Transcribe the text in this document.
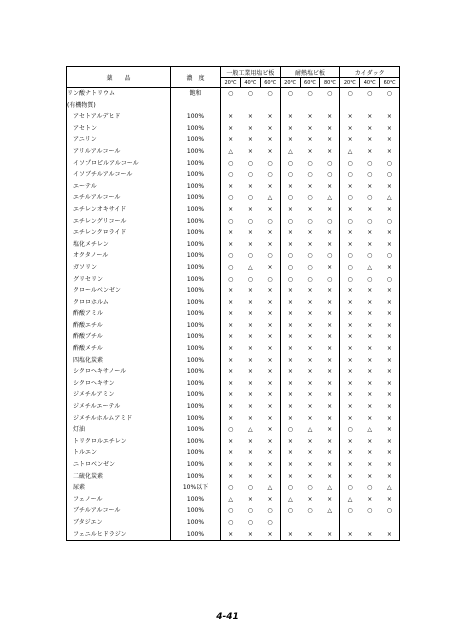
薬　　品	濃　度	一般工業用塩ビ板			耐熱塩ビ板			カイダック		
		20℃	40℃	60℃	20℃	60℃	80℃	20℃	40℃	60℃
リン酸ナトリウム	飽和	○	○	○	○	○	○	○	○	○
(有機物質)										
アセトアルデヒド	100%	×	×	×	×	×	×	×	×	×
アセトン	100%	×	×	×	×	×	×	×	×	×
アニリン	100%	×	×	×	×	×	×	×	×	×
アリルアルコール	100%	△	×	×	△	×	×	△	×	×
イソプロピルアルコール	100%	○	○	○	○	○	○	○	○	○
イソブチルアルコール	100%	○	○	○	○	○	○	○	○	○
エーテル	100%	×	×	×	×	×	×	×	×	×
エチルアルコール	100%	○	○	△	○	○	△	○	○	△
エチレンオキサイド	100%	×	×	×	×	×	×	×	×	×
エチレングリコール	100%	○	○	○	○	○	○	○	○	○
エチレンクロライド	100%	×	×	×	×	×	×	×	×	×
塩化メチレン	100%	×	×	×	×	×	×	×	×	×
オクタノール	100%	○	○	○	○	○	○	○	○	○
ガソリン	100%	○	△	×	○	○	×	○	△	×
グリセリン	100%	○	○	○	○	○	○	○	○	○
クロールベンゼン	100%	×	×	×	×	×	×	×	×	×
クロロホルム	100%	×	×	×	×	×	×	×	×	×
酢酸アミル	100%	×	×	×	×	×	×	×	×	×
酢酸エチル	100%	×	×	×	×	×	×	×	×	×
酢酸ブチル	100%	×	×	×	×	×	×	×	×	×
酢酸メチル	100%	×	×	×	×	×	×	×	×	×
四塩化炭素	100%	×	×	×	×	×	×	×	×	×
シクロヘキサノール	100%	×	×	×	×	×	×	×	×	×
シクロヘキサン	100%	×	×	×	×	×	×	×	×	×
ジメチルアミン	100%	×	×	×	×	×	×	×	×	×
ジメチルエーテル	100%	×	×	×	×	×	×	×	×	×
ジメチルホルムアミド	100%	×	×	×	×	×	×	×	×	×
灯油	100%	○	△	×	○	△	×	○	△	×
トリクロルエチレン	100%	×	×	×	×	×	×	×	×	×
トルエン	100%	×	×	×	×	×	×	×	×	×
ニトロベンゼン	100%	×	×	×	×	×	×	×	×	×
二硫化炭素	100%	×	×	×	×	×	×	×	×	×
尿素	10%以下	○	○	△	○	○	△	○	○	△
フェノール	100%	△	×	×	△	×	×	△	×	×
ブチルアルコール	100%	○	○	○	○	○	△	○	○	○
ブタジエン	100%	○	○	○						
フェニルヒドラジン	100%	×	×	×	×	×	×	×	×	×
4-41
